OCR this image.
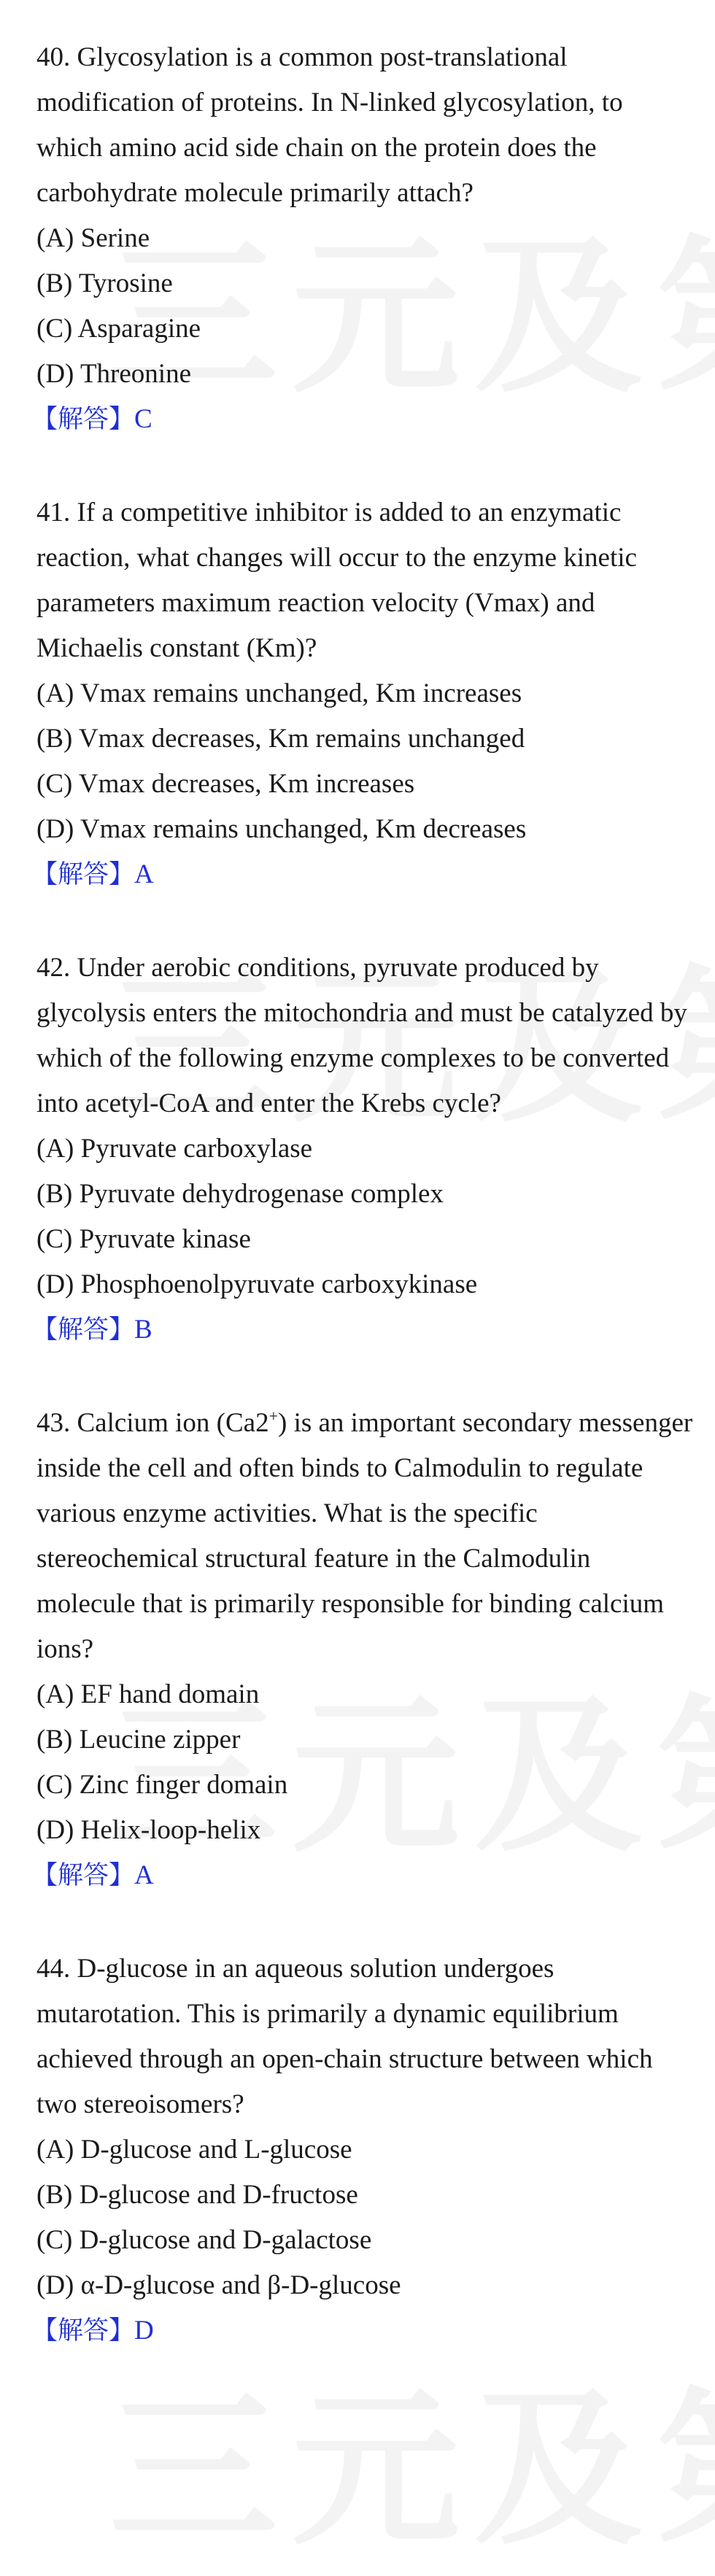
40. Glycosylation is a common post-translational modification of proteins. In N-linked glycosylation, to which amino acid side chain on the protein does the carbohydrate molecule primarily attach?

(A) Serine
(B) Tyrosine
(C) Asparagine
(D) Threonine
【解答】C

41. If a competitive inhibitor is added to an enzymatic reaction, what changes will occur to the enzyme kinetic parameters maximum reaction velocity (Vmax) and Michaelis constant (Km)?

(A) Vmax remains unchanged, Km increases
(B) Vmax decreases, Km remains unchanged
(C) Vmax decreases, Km increases
(D) Vmax remains unchanged, Km decreases
【解答】A

42. Under aerobic conditions, pyruvate produced by glycolysis enters the mitochondria and must be catalyzed by which of the following enzyme complexes to be converted into acetyl-CoA and enter the Krebs cycle?

(A) Pyruvate carboxylase
(B) Pyruvate dehydrogenase complex
(C) Pyruvate kinase
(D) Phosphoenolpyruvate carboxykinase
【解答】B

43. Calcium ion (Ca2+) is an important secondary messenger inside the cell and often binds to Calmodulin to regulate various enzyme activities. What is the specific stereochemical structural feature in the Calmodulin molecule that is primarily responsible for binding calcium ions?

(A) EF hand domain
(B) Leucine zipper
(C) Zinc finger domain
(D) Helix-loop-helix
【解答】A

44. D-glucose in an aqueous solution undergoes mutarotation. This is primarily a dynamic equilibrium achieved through an open-chain structure between which two stereoisomers?

(A) D-glucose and L-glucose
(B) D-glucose and D-fructose
(C) D-glucose and D-galactose
(D) α-D-glucose and β-D-glucose
【解答】D
